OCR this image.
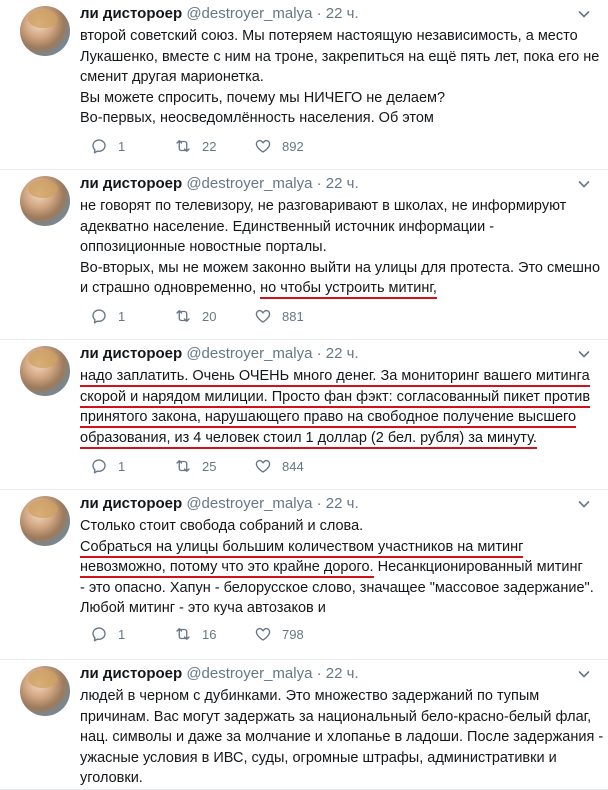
ли дистороер @destroyer_malya · 22 ч.

второй советский союз. Мы потеряем настоящую независимость, а место

Лукашенко, вместе с ним на троне, закрепиться на ещё пять лет, пока его не

сменит другая марионетка.

Вы можете спросить, почему мы НИЧЕГО не делаем?

Во-первых, неосведомлённость населения. Об этом

1	22	892
ли дистороер @destroyer_malya · 22 ч.

не говорят по телевизору, не разговаривают в школах, не информируют

адекватно население. Единственный источник информации -

оппозиционные новостные порталы.

Во-вторых, мы не можем законно выйти на улицы для протеста. Это смешно

и страшно одновременно, но чтобы устроить митинг,

1	20	881
ли дистороер @destroyer_malya · 22 ч.

надо заплатить. Очень ОЧЕНЬ много денег. За мониторинг вашего митинга

скорой и нарядом милиции. Просто фан фэкт: согласованный пикет против

принятого закона, нарушающего право на свободное получение высшего

образования, из 4 человек стоил 1 доллар (2 бел. рубля) за минуту.

1	25	844
ли дистороер @destroyer_malya · 22 ч.

Столько стоит свобода собраний и слова.

Собраться на улицы большим количеством участников на митинг

невозможно, потому что это крайне дорого. Несанкционированный митинг

- это опасно. Хапун - белорусское слово, значащее "массовое задержание".

Любой митинг - это куча автозаков и

1	16	798
ли дистороер @destroyer_malya · 22 ч.

людей в черном с дубинками. Это множество задержаний по тупым

причинам. Вас могут задержать за национальный бело-красно-белый флаг,

нац. символы и даже за молчание и хлопанье в ладоши. После задержания -

ужасные условия в ИВС, суды, огромные штрафы, административки и

уголовки.
